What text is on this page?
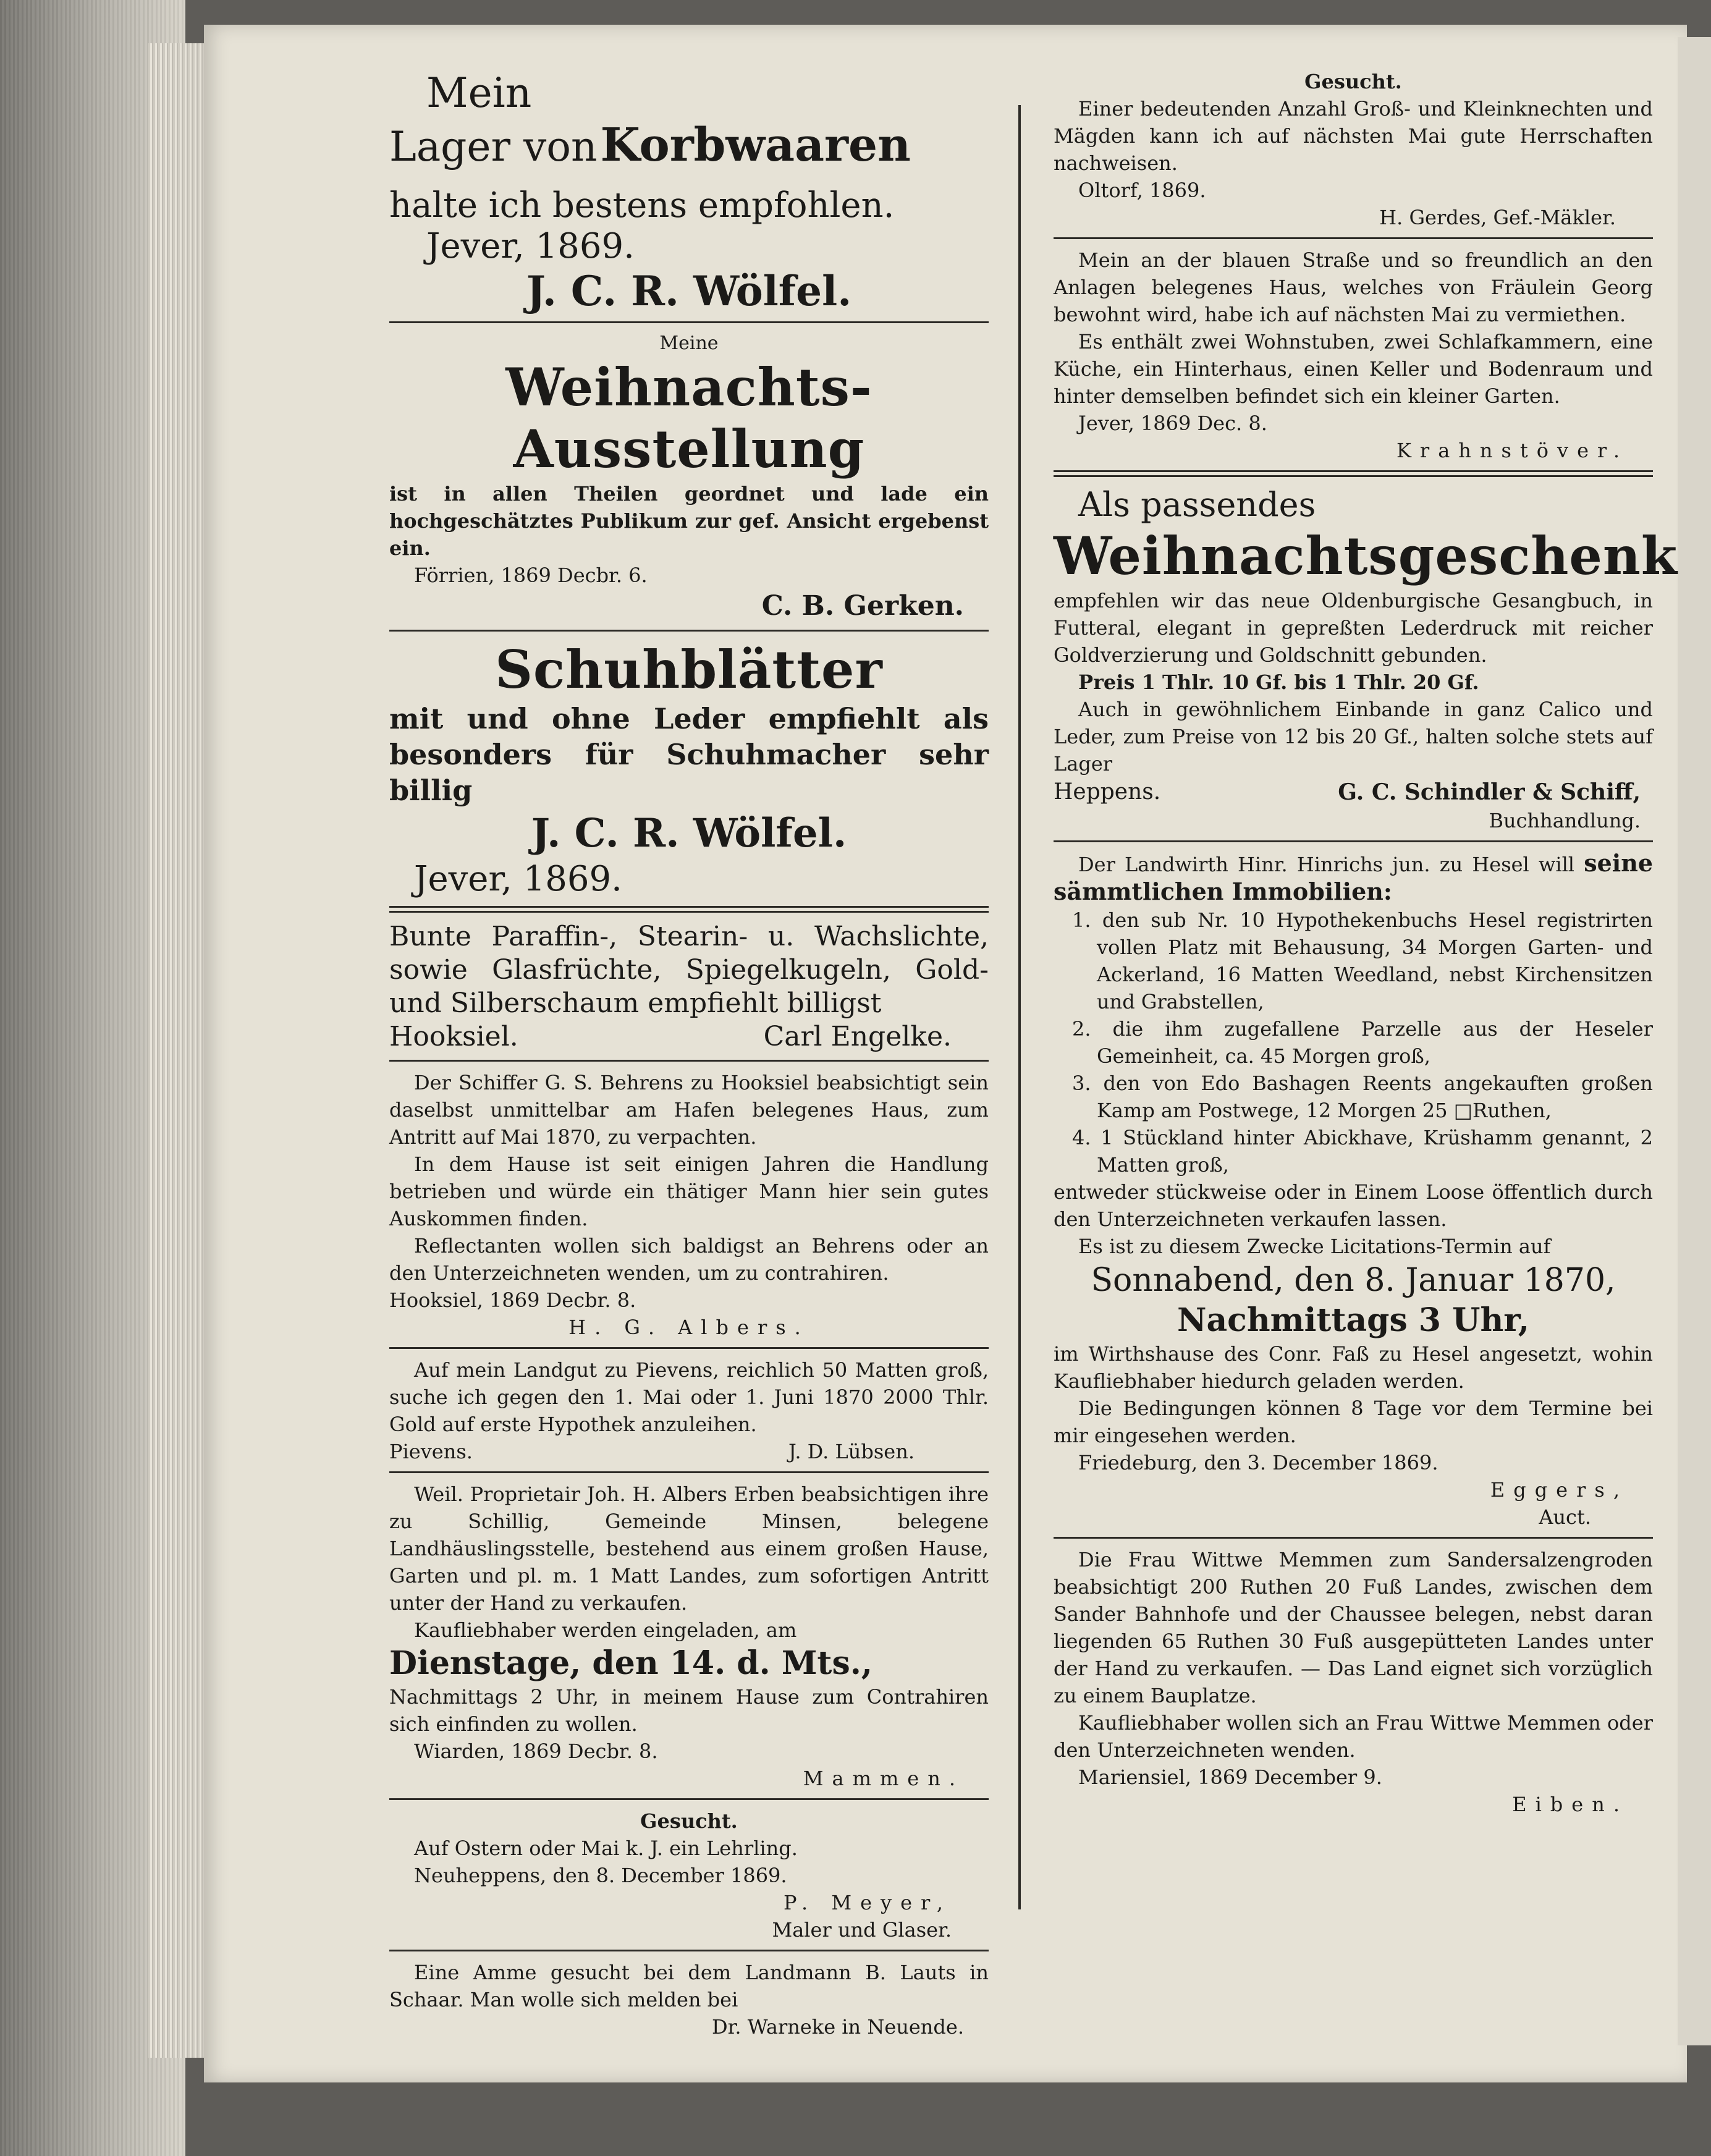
Mein

Lager von Korbwaaren

halte ich bestens empfohlen.

Jever, 1869.

J. C. R. Wölfel.

Meine

Weihnachts-Ausstellung

ist in allen Theilen geordnet und lade ein hochgeschätztes Publikum zur gef. Ansicht ergebenst ein.

Förrien, 1869 Decbr. 6.

C. B. Gerken.

Schuhblätter

mit und ohne Leder empfiehlt als besonders für Schuhmacher sehr billig

J. C. R. Wölfel.

Jever, 1869.

Bunte Paraffin-, Stearin- u. Wachslichte, sowie Glasfrüchte, Spiegelkugeln, Gold- und Silberschaum empfiehlt billigst

Hooksiel.	Carl Engelke.

Der Schiffer G. S. Behrens zu Hooksiel beabsichtigt sein daselbst unmittelbar am Hafen belegenes Haus, zum Antritt auf Mai 1870, zu verpachten.

In dem Hause ist seit einigen Jahren die Handlung betrieben und würde ein thätiger Mann hier sein gutes Auskommen finden.

Reflectanten wollen sich baldigst an Behrens oder an den Unterzeichneten wenden, um zu contrahiren.

Hooksiel, 1869 Decbr. 8.

H. G. Albers.

Auf mein Landgut zu Pievens, reichlich 50 Matten groß, suche ich gegen den 1. Mai oder 1. Juni 1870 2000 Thlr. Gold auf erste Hypothek anzuleihen.

Pievens.	J. D. Lübsen.

Weil. Proprietair Joh. H. Albers Erben beabsichtigen ihre zu Schillig, Gemeinde Minsen, belegene Landhäuslingsstelle, bestehend aus einem großen Hause, Garten und pl. m. 1 Matt Landes, zum sofortigen Antritt unter der Hand zu verkaufen.

Kaufliebhaber werden eingeladen, am

Dienstage, den 14. d. Mts.,

Nachmittags 2 Uhr, in meinem Hause zum Contrahiren sich einfinden zu wollen.

Wiarden, 1869 Decbr. 8.

Mammen.

Gesucht.

Auf Ostern oder Mai k. J. ein Lehrling.

Neuheppens, den 8. December 1869.

P. Meyer,

Maler und Glaser.

Eine Amme gesucht bei dem Landmann B. Lauts in Schaar. Man wolle sich melden bei

Dr. Warneke in Neuende.

Gesucht.

Einer bedeutenden Anzahl Groß- und Kleinknechten und Mägden kann ich auf nächsten Mai gute Herrschaften nachweisen.

Oltorf, 1869.

H. Gerdes, Gef.-Mäkler.

Mein an der blauen Straße und so freundlich an den Anlagen belegenes Haus, welches von Fräulein Georg bewohnt wird, habe ich auf nächsten Mai zu vermiethen.

Es enthält zwei Wohnstuben, zwei Schlafkammern, eine Küche, ein Hinterhaus, einen Keller und Bodenraum und hinter demselben befindet sich ein kleiner Garten.

Jever, 1869 Dec. 8.

Krahnstöver.

Als passendes

Weihnachtsgeschenk

empfehlen wir das neue Oldenburgische Gesangbuch, in Futteral, elegant in gepreßten Lederdruck mit reicher Goldverzierung und Goldschnitt gebunden.

Preis 1 Thlr. 10 Gf. bis 1 Thlr. 20 Gf.

Auch in gewöhnlichem Einbande in ganz Calico und Leder, zum Preise von 12 bis 20 Gf., halten solche stets auf Lager

Heppens.	G. C. Schindler & Schiff,

Buchhandlung.

Der Landwirth Hinr. Hinrichs jun. zu Hesel will seine sämmtlichen Immobilien:

1. den sub Nr. 10 Hypothekenbuchs Hesel registrirten vollen Platz mit Behausung, 34 Morgen Garten- und Ackerland, 16 Matten Weedland, nebst Kirchensitzen und Grabstellen,
2. die ihm zugefallene Parzelle aus der Heseler Gemeinheit, ca. 45 Morgen groß,
3. den von Edo Bashagen Reents angekauften großen Kamp am Postwege, 12 Morgen 25 □Ruthen,
4. 1 Stückland hinter Abickhave, Krüshamm genannt, 2 Matten groß,

entweder stückweise oder in Einem Loose öffentlich durch den Unterzeichneten verkaufen lassen.

Es ist zu diesem Zwecke Licitations-Termin auf

Sonnabend, den 8. Januar 1870,

Nachmittags 3 Uhr,

im Wirthshause des Conr. Faß zu Hesel angesetzt, wohin Kaufliebhaber hiedurch geladen werden.

Die Bedingungen können 8 Tage vor dem Termine bei mir eingesehen werden.

Friedeburg, den 3. December 1869.

Eggers,

Auct.

Die Frau Wittwe Memmen zum Sandersalzengroden beabsichtigt 200 Ruthen 20 Fuß Landes, zwischen dem Sander Bahnhofe und der Chaussee belegen, nebst daran liegenden 65 Ruthen 30 Fuß ausgepütteten Landes unter der Hand zu verkaufen. — Das Land eignet sich vorzüglich zu einem Bauplatze.

Kaufliebhaber wollen sich an Frau Wittwe Memmen oder den Unterzeichneten wenden.

Mariensiel, 1869 December 9.

Eiben.
